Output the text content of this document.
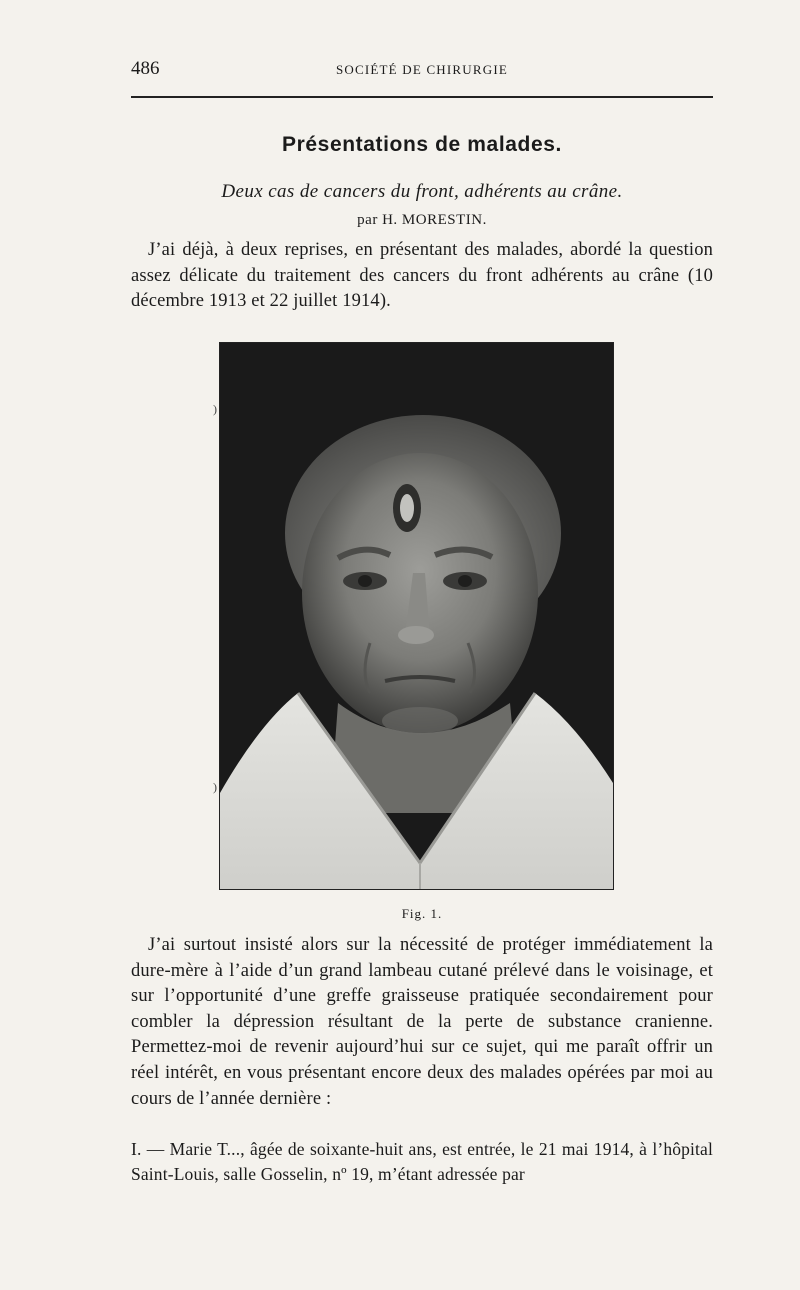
486	SOCIÉTÉ DE CHIRURGIE
Présentations de malades.
Deux cas de cancers du front, adhérents au crâne.
par H. MORESTIN.

J’ai déjà, à deux reprises, en présentant des malades, abordé la question assez délicate du traitement des cancers du front adhérents au crâne (10 décembre 1913 et 22 juillet 1914).

)
)
Fig. 1.

J’ai surtout insisté alors sur la nécessité de protéger immédiatement la dure-mère à l’aide d’un grand lambeau cutané prélevé dans le voisinage, et sur l’opportunité d’une greffe graisseuse pratiquée secondairement pour combler la dépression résultant de la perte de substance cranienne. Permettez-moi de revenir aujourd’hui sur ce sujet, qui me paraît offrir un réel intérêt, en vous présentant encore deux des malades opérées par moi au cours de l’année dernière :

I. — Marie T..., âgée de soixante-huit ans, est entrée, le 21 mai 1914, à l’hôpital Saint-Louis, salle Gosselin, nº 19, m’étant adressée par
